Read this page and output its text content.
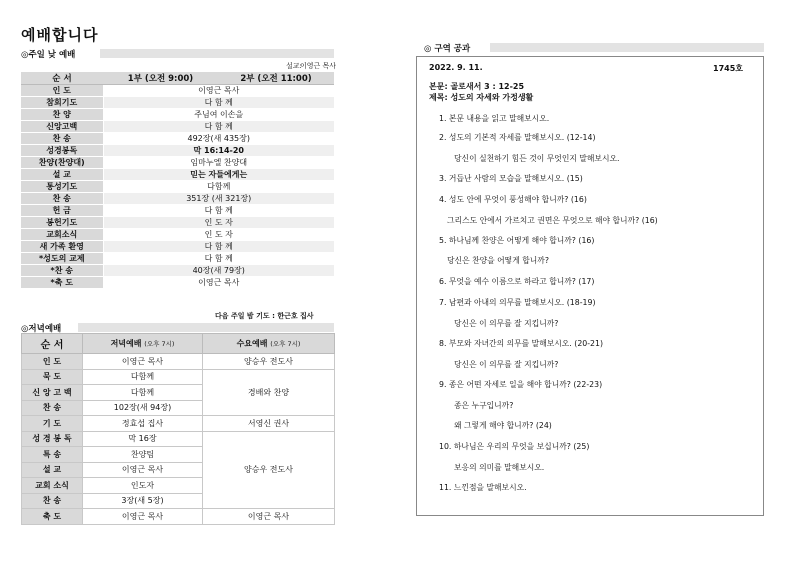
예배합니다
◎주일 낮 예배
설교:
이영근 목사
순 서	1부 (오전 9:00)	2부 (오전 11:00)
인 도	이영근 목사	
참회기도	다 함 께	
찬 양	주님여 이손을	
신앙고백	다 함 께	
찬 송	492장(새 435장)	
성경봉독	막 16:14-20	
찬양(찬양대)	임마누엘 찬양대	
설 교	믿는 자들에게는	
통성기도	다함께	
찬 송	351장 (새 321장)	
헌 금	다 함 께	
봉헌기도	인 도 자	
교회소식	인 도 자	
새 가족 환영	다 함 께	
*성도의 교제	다 함 께	
*찬 송	40장(새 79장)	
*축 도	이영근 목사	
다음 주일 밤 기도 : 한근호 집사
◎저녁예배
순 서	저녁예배 (오후 7시)	수요예배 (오후 7시)
인 도	이영근 목사	양승우 전도사
묵 도	다함께	경배와 찬양
신 앙 고 백	다함께	
찬 송	102장(새 94장)	
기 도	정효섭 집사	서영신 권사
성 경 봉 독	막 16장	양승우 전도사
특 송	찬양팀	
설 교	이영근 목사	
교회 소식	인도자	
찬 송	3장(새 5장)	
축 도	이영근 목사	이영근 목사
◎ 구역 공과
2022. 9. 11.	1745호
본문: 골로새서 3 : 12-25
제목: 성도의 자세와 가정생활
1. 본문 내용을 읽고 말해보시오.
2. 성도의 기본적 자세를 말해보시오. (12-14)
당신이 실천하기 힘든 것이 무엇인지 말해보시오.
3. 거듭난 사람의 모습을 말해보시오. (15)
4. 성도 안에 무엇이 풍성해야 합니까? (16)
그리스도 안에서 가르치고 권면은 무엇으로 해야 합니까? (16)
5. 하나님께 찬양은 어떻게 해야 합니까? (16)
당신은 찬양을 어떻게 합니까?
6. 무엇을 예수 이름으로 하라고 합니까? (17)
7. 남편과 아내의 의무를 말해보시오. (18-19)
당신은 이 의무를 잘 지킵니까?
8. 부모와 자녀간의 의무를 말해보시오. (20-21)
당신은 이 의무를 잘 지킵니까?
9. 종은 어떤 자세로 일을 해야 합니까? (22-23)
종은 누구입니까?
왜 그렇게 해야 합니까? (24)
10. 하나님은 우리의 무엇을 보십니까? (25)
보응의 의미를 말해보시오.
11. 느낀점을 말해보시오.
